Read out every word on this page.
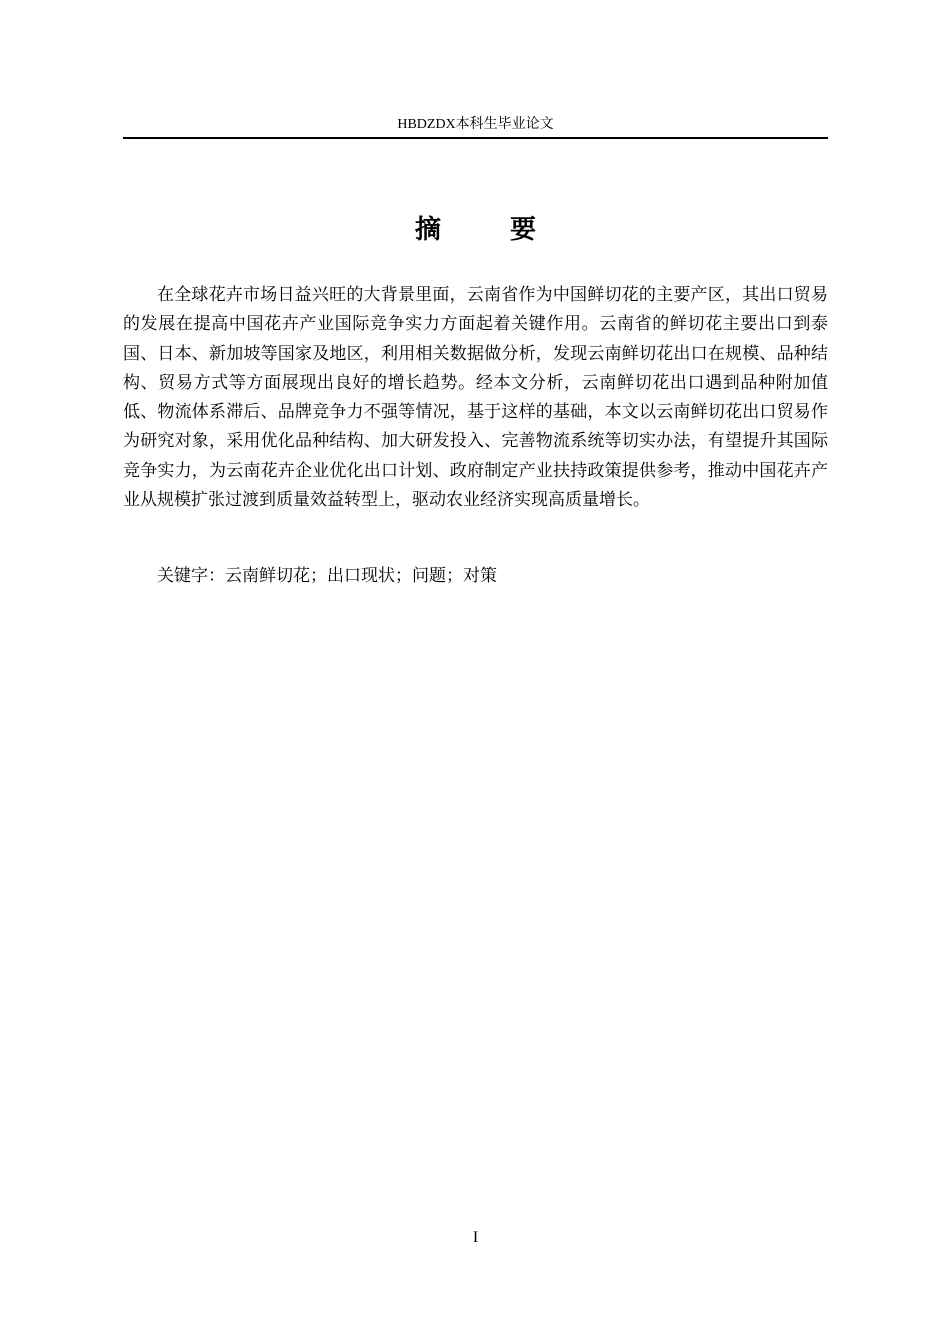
HBDZDX本科生毕业论文
摘 要

在全球花卉市场日益兴旺的大背景里面，云南省作为中国鲜切花的主要产区，其出口贸易的发展在提高中国花卉产业国际竞争实力方面起着关键作用。云南省的鲜切花主要出口到泰国、日本、新加坡等国家及地区，利用相关数据做分析，发现云南鲜切花出口在规模、品种结构、贸易方式等方面展现出良好的增长趋势。经本文分析，云南鲜切花出口遇到品种附加值低、物流体系滞后、品牌竞争力不强等情况，基于这样的基础，本文以云南鲜切花出口贸易作为研究对象，采用优化品种结构、加大研发投入、完善物流系统等切实办法，有望提升其国际竞争实力，为云南花卉企业优化出口计划、政府制定产业扶持政策提供参考，推动中国花卉产业从规模扩张过渡到质量效益转型上，驱动农业经济实现高质量增长。

关键字：云南鲜切花；出口现状；问题；对策

I
